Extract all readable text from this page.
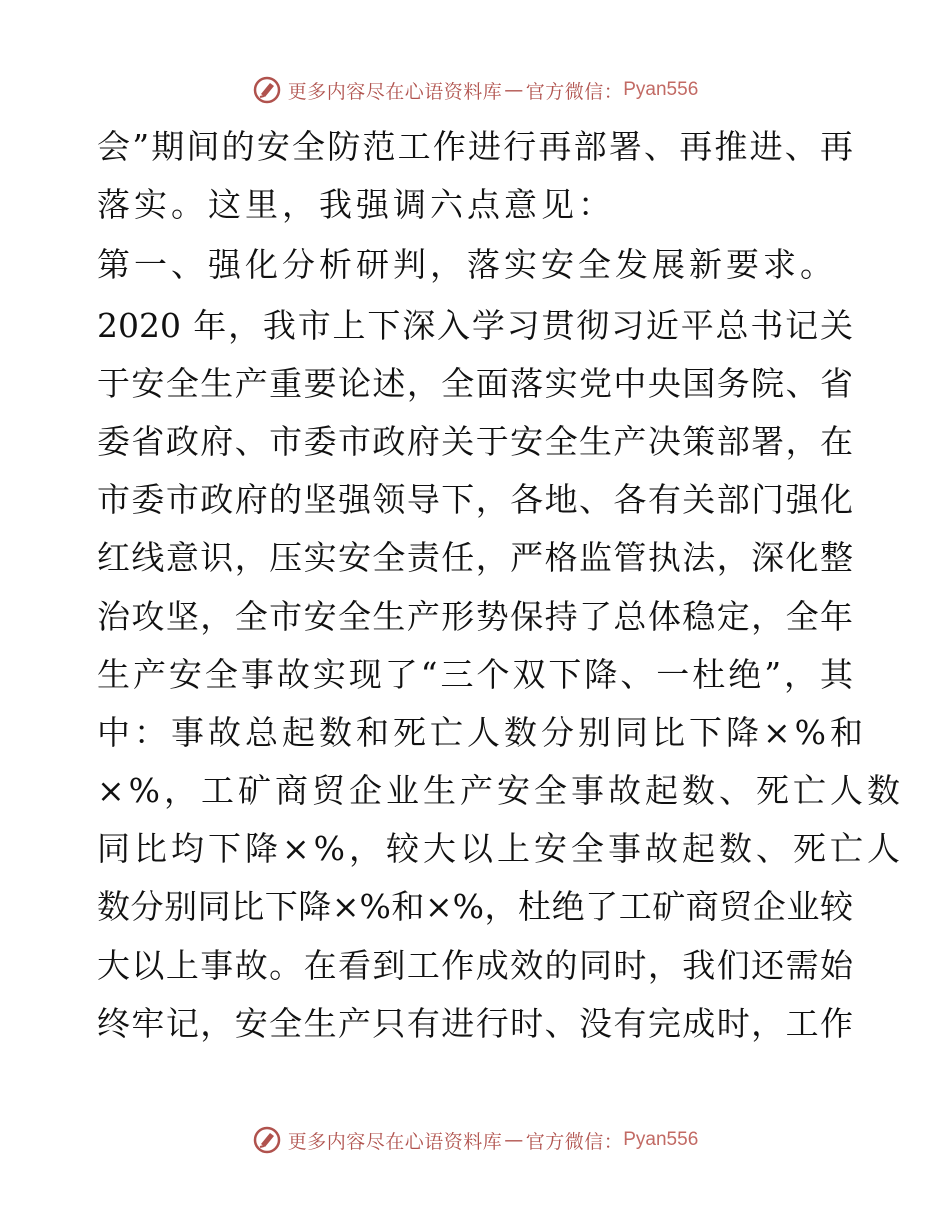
更多内容尽在心语资料库 — 官方微信： Pyan556
会”期间的安全防范工作进行再部署、再推进、再
落实。这里，我强调六点意见：
第一、强化分析研判，落实安全发展新要求。
2020 年，我市上下深入学习贯彻习近平总书记关
于安全生产重要论述，全面落实党中央国务院、省
委省政府、市委市政府关于安全生产决策部署，在
市委市政府的坚强领导下，各地、各有关部门强化
红线意识，压实安全责任，严格监管执法，深化整
治攻坚，全市安全生产形势保持了总体稳定，全年
生产安全事故实现了“三个双下降、一杜绝”，其
中：事故总起数和死亡人数分别同比下降×%和
×%，工矿商贸企业生产安全事故起数、死亡人数
同比均下降×%，较大以上安全事故起数、死亡人
数分别同比下降×%和×%，杜绝了工矿商贸企业较
大以上事故。在看到工作成效的同时，我们还需始
终牢记，安全生产只有进行时、没有完成时，工作
更多内容尽在心语资料库 — 官方微信： Pyan556
